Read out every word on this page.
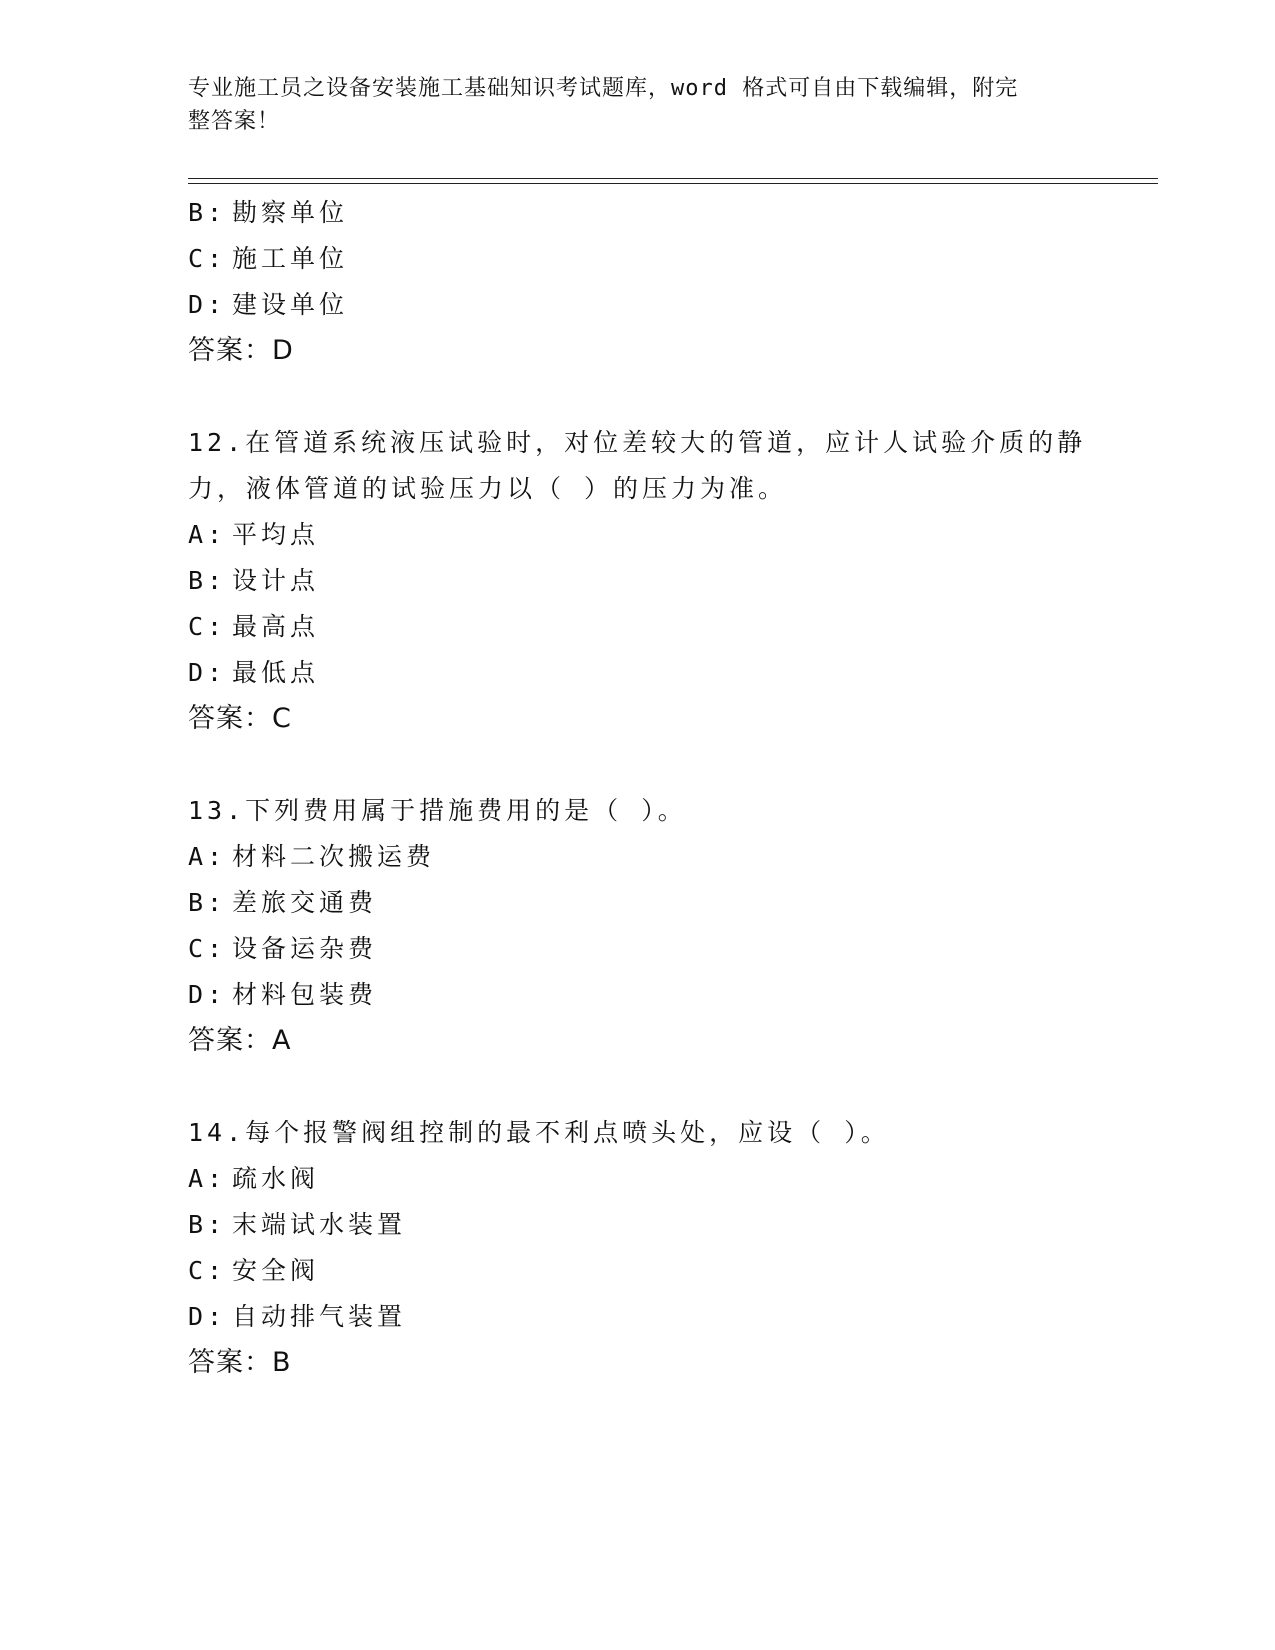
专业施工员之设备安装施工基础知识考试题库，word 格式可自由下载编辑，附完
整答案！
B: 勘察单位
C: 施工单位
D: 建设单位
答案：D
12.在管道系统液压试验时，对位差较大的管道，应计人试验介质的静
力，液体管道的试验压力以（ ）的压力为准。
A: 平均点
B: 设计点
C: 最高点
D: 最低点
答案：C
13.下列费用属于措施费用的是（ ）。
A: 材料二次搬运费
B: 差旅交通费
C: 设备运杂费
D: 材料包装费
答案：A
14.每个报警阀组控制的最不利点喷头处，应设（ ）。
A: 疏水阀
B: 末端试水装置
C: 安全阀
D: 自动排气装置
答案：B
